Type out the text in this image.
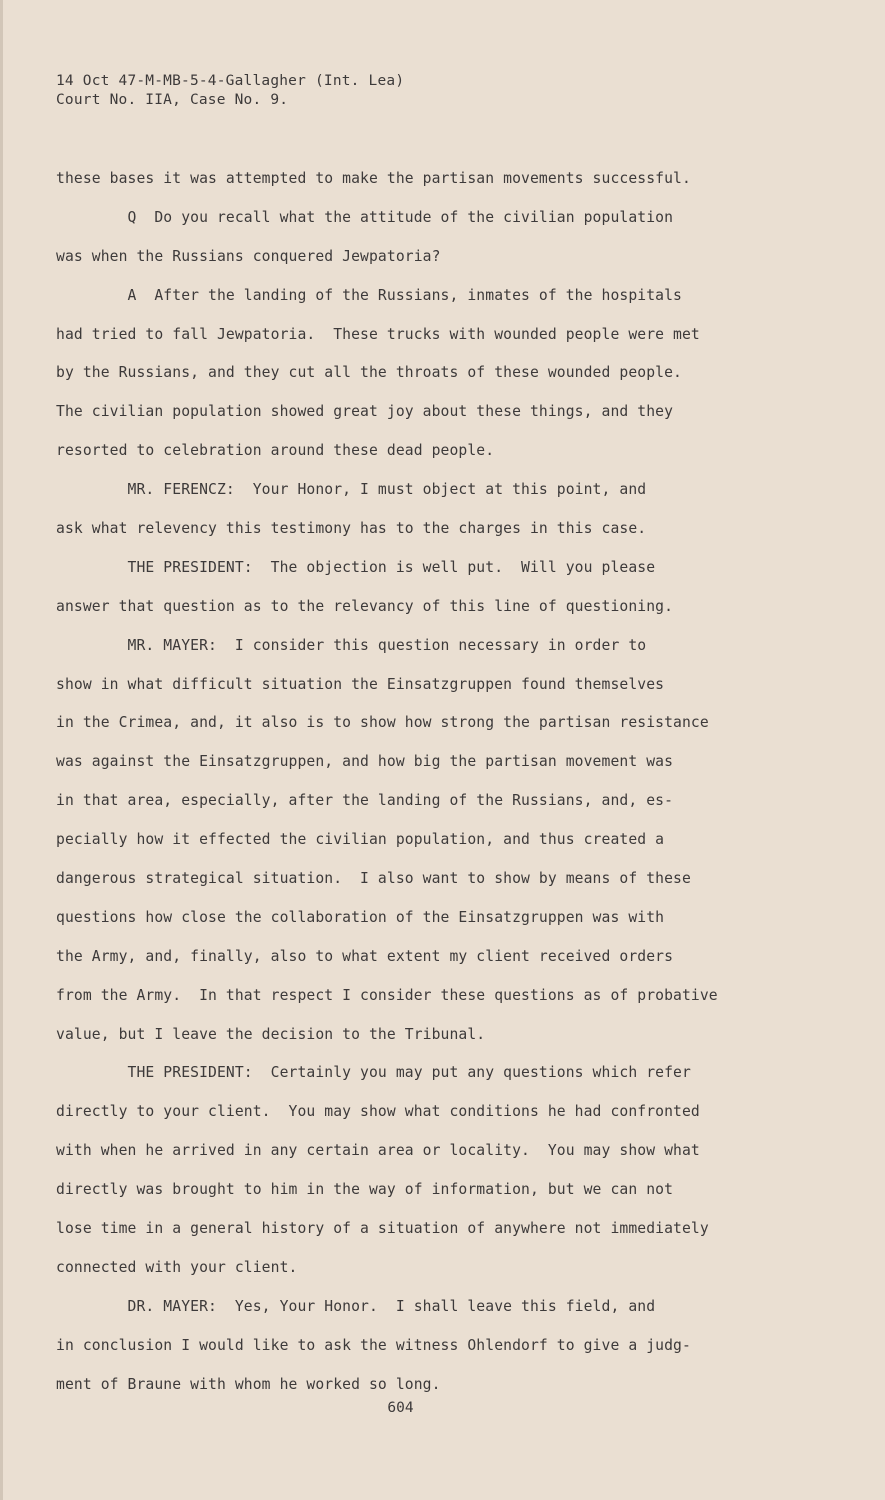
14 Oct 47-M-MB-5-4-Gallagher (Int. Lea)
Court No. IIA, Case No. 9.
these bases it was attempted to make the partisan movements successful.
Q  Do you recall what the attitude of the civilian population
was when the Russians conquered Jewpatoria?
A  After the landing of the Russians, inmates of the hospitals
had tried to fall Jewpatoria.  These trucks with wounded people were met
by the Russians, and they cut all the throats of these wounded people.
The civilian population showed great joy about these things, and they
resorted to celebration around these dead people.
MR. FERENCZ:  Your Honor, I must object at this point, and
ask what relevency this testimony has to the charges in this case.
THE PRESIDENT:  The objection is well put.  Will you please
answer that question as to the relevancy of this line of questioning.
MR. MAYER:  I consider this question necessary in order to
show in what difficult situation the Einsatzgruppen found themselves
in the Crimea, and, it also is to show how strong the partisan resistance
was against the Einsatzgruppen, and how big the partisan movement was
in that area, especially, after the landing of the Russians, and, es-
pecially how it effected the civilian population, and thus created a
dangerous strategical situation.  I also want to show by means of these
questions how close the collaboration of the Einsatzgruppen was with
the Army, and, finally, also to what extent my client received orders
from the Army.  In that respect I consider these questions as of probative
value, but I leave the decision to the Tribunal.
THE PRESIDENT:  Certainly you may put any questions which refer
directly to your client.  You may show what conditions he had confronted
with when he arrived in any certain area or locality.  You may show what
directly was brought to him in the way of information, but we can not
lose time in a general history of a situation of anywhere not immediately
connected with your client.
DR. MAYER:  Yes, Your Honor.  I shall leave this field, and
in conclusion I would like to ask the witness Ohlendorf to give a judg-
ment of Braune with whom he worked so long.
604
